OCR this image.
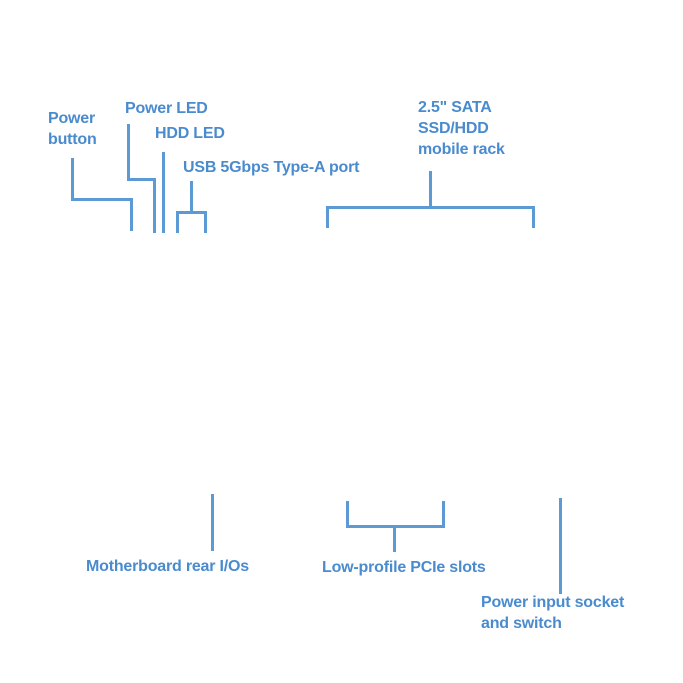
Power
button
Power LED
HDD LED
USB 5Gbps Type-A port
2.5" SATA
SSD/HDD
mobile rack
Motherboard rear I/Os	Low-profile PCIe slots
Power input socket
and switch
